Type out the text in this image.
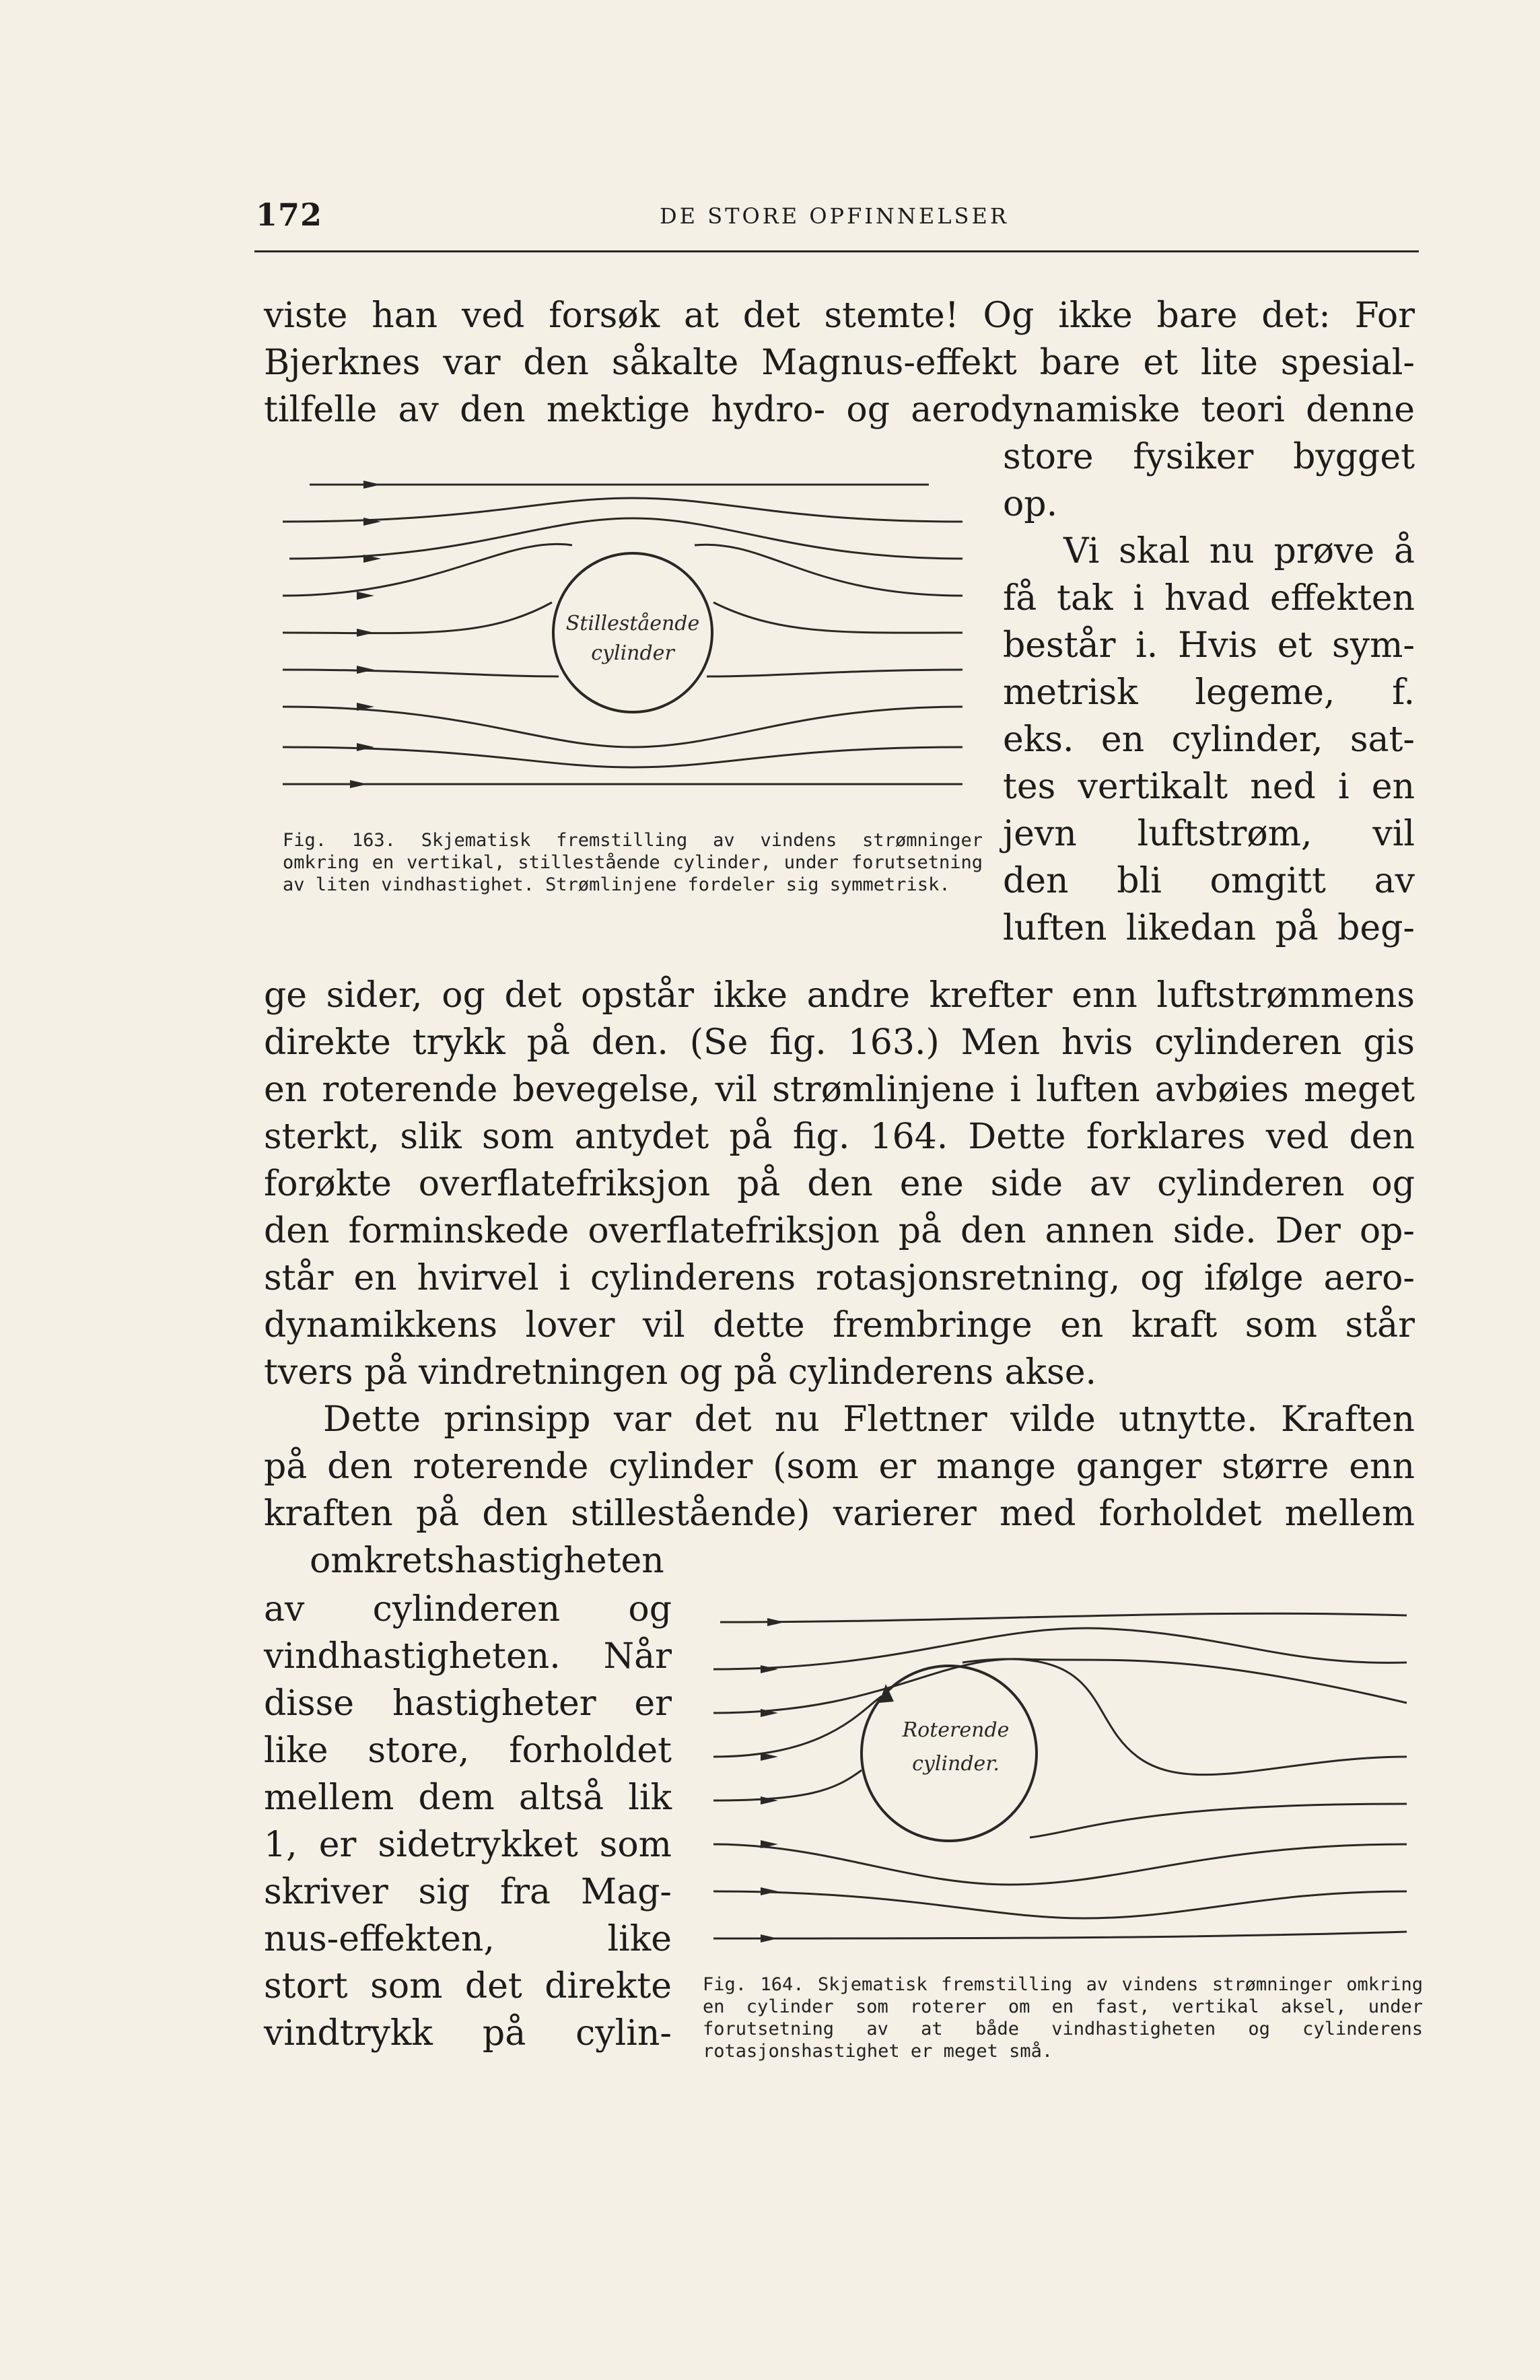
172	DE STORE OPFINNELSER
viste han ved forsøk at det stemte! Og ikke bare det: For
Bjerknes var den såkalte Magnus-effekt bare et lite spesial-
tilfelle av den mektige hydro- og aerodynamiske teori denne
store fysiker bygget
op.
Vi skal nu prøve å
få tak i hvad effekten
består i. Hvis et sym-
metrisk legeme, f.
eks. en cylinder, sat-
tes vertikalt ned i en
jevn luftstrøm, vil
den bli omgitt av
luften likedan på beg-
Stillestående
cylinder
Fig. 163. Skjematisk fremstilling av vindens strømninger omkring en vertikal, stillestående cylinder, under forutsetning av liten vindhastighet. Strømlinjene fordeler sig symmetrisk.
ge sider, og det opstår ikke andre krefter enn luftstrømmens
direkte trykk på den. (Se fig. 163.) Men hvis cylinderen gis
en roterende bevegelse, vil strømlinjene i luften avbøies meget
sterkt, slik som antydet på fig. 164. Dette forklares ved den
forøkte overflatefriksjon på den ene side av cylinderen og
den forminskede overflatefriksjon på den annen side. Der op-
står en hvirvel i cylinderens rotasjonsretning, og ifølge aero-
dynamikkens lover vil dette frembringe en kraft som står
tvers på vindretningen og på cylinderens akse.
Dette prinsipp var det nu Flettner vilde utnytte. Kraften
på den roterende cylinder (som er mange ganger større enn
kraften på den stillestående) varierer med forholdet mellem
omkretshastigheten
av cylinderen og
vindhastigheten. Når
disse hastigheter er
like store, forholdet
mellem dem altså lik
1, er sidetrykket som
skriver sig fra Mag-
nus-effekten, like
stort som det direkte
vindtrykk på cylin-
Roterende
cylinder.
Fig. 164. Skjematisk fremstilling av vindens strømninger omkring en cylinder som roterer om en fast, vertikal aksel, under forutsetning av at både vindhastigheten og cylinderens rotasjonshastighet er meget små.
